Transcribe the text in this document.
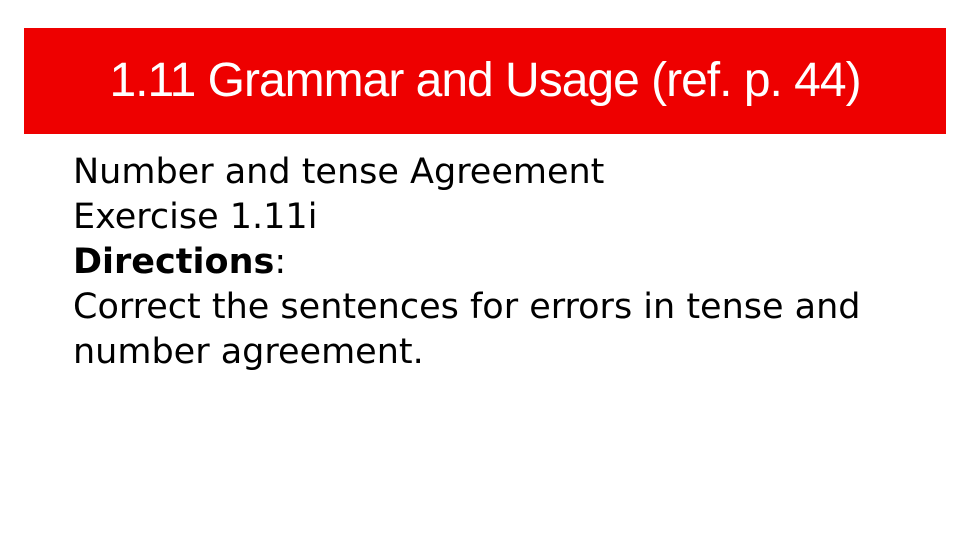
1.11 Grammar and Usage (ref. p. 44)
Number and tense Agreement
Exercise 1.11i
Directions:
Correct the sentences for errors in tense and number agreement.
